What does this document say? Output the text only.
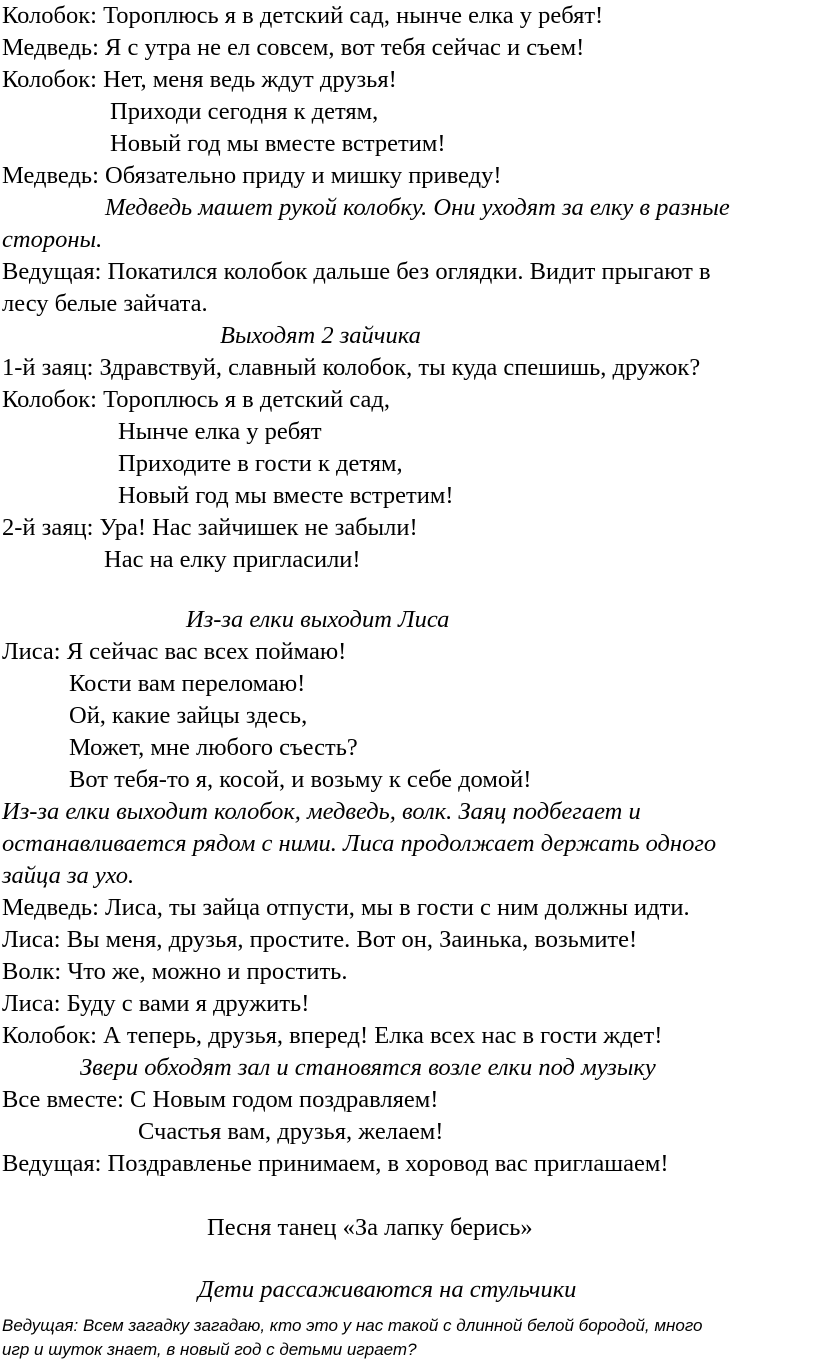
Колобок: Тороплюсь я в детский сад, нынче елка у ребят!

Медведь: Я с утра не ел совсем, вот тебя сейчас и съем!

Колобок: Нет, меня ведь ждут друзья!

Приходи сегодня к детям,

Новый год мы вместе встретим!

Медведь: Обязательно приду и мишку приведу!

Медведь машет рукой колобку. Они уходят за елку в разные

стороны.

Ведущая: Покатился колобок дальше без оглядки. Видит прыгают в

лесу белые зайчата.

Выходят 2 зайчика

1-й заяц: Здравствуй, славный колобок, ты куда спешишь, дружок?

Колобок: Тороплюсь я в детский сад,

Нынче елка у ребят

Приходите в гости к детям,

Новый год мы вместе встретим!

2-й заяц: Ура! Нас зайчишек не забыли!

Нас на елку пригласили!

Из-за елки выходит Лиса

Лиса: Я сейчас вас всех поймаю!

Кости вам переломаю!

Ой, какие зайцы здесь,

Может, мне любого съесть?

Вот тебя-то я, косой, и возьму к себе домой!

Из-за елки выходит колобок, медведь, волк. Заяц подбегает и

останавливается рядом с ними. Лиса продолжает держать одного

зайца за ухо.

Медведь: Лиса, ты зайца отпусти, мы в гости с ним должны идти.

Лиса: Вы меня, друзья, простите. Вот он, Заинька, возьмите!

Волк: Что же, можно и простить.

Лиса: Буду с вами я дружить!

Колобок: А теперь, друзья, вперед! Елка всех нас в гости ждет!

Звери обходят зал и становятся возле елки под музыку

Все вместе: С Новым годом поздравляем!

Счастья вам, друзья, желаем!

Ведущая: Поздравленье принимаем, в хоровод вас приглашаем!

Песня танец «За лапку берись»

Дети рассаживаются на стульчики

Ведущая: Всем загадку загадаю, кто это у нас такой с длинной белой бородой, много

игр и шуток знает, в новый год с детьми играет?
